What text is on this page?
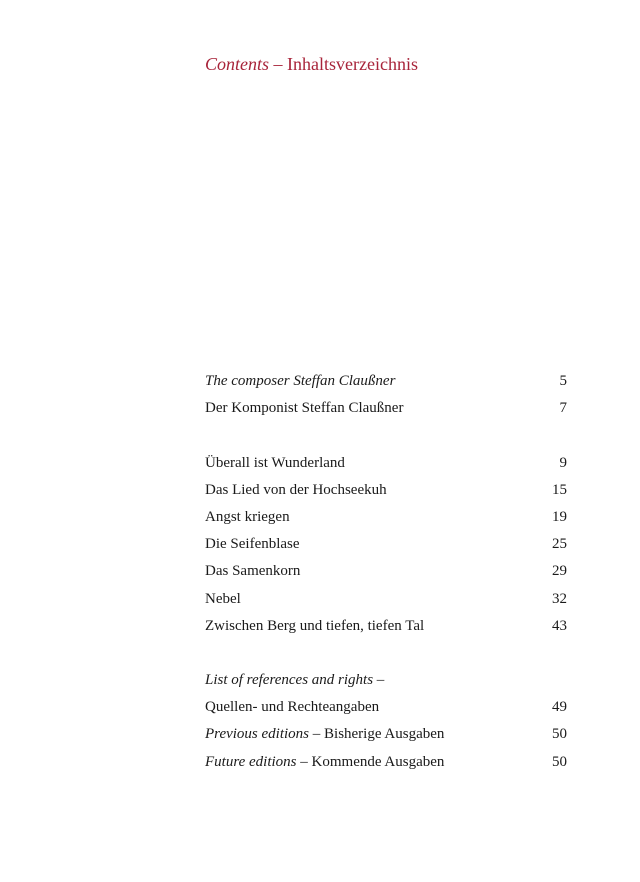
Contents – Inhaltsverzeichnis
The composer Steffan Claußner	5
Der Komponist Steffan Claußner	7
Überall ist Wunderland	9
Das Lied von der Hochseekuh	15
Angst kriegen	19
Die Seifenblase	25
Das Samenkorn	29
Nebel	32
Zwischen Berg und tiefen, tiefen Tal	43
List of references and rights –
Quellen- und Rechteangaben	49
Previous editions – Bisherige Ausgaben	50
Future editions – Kommende Ausgaben	50
